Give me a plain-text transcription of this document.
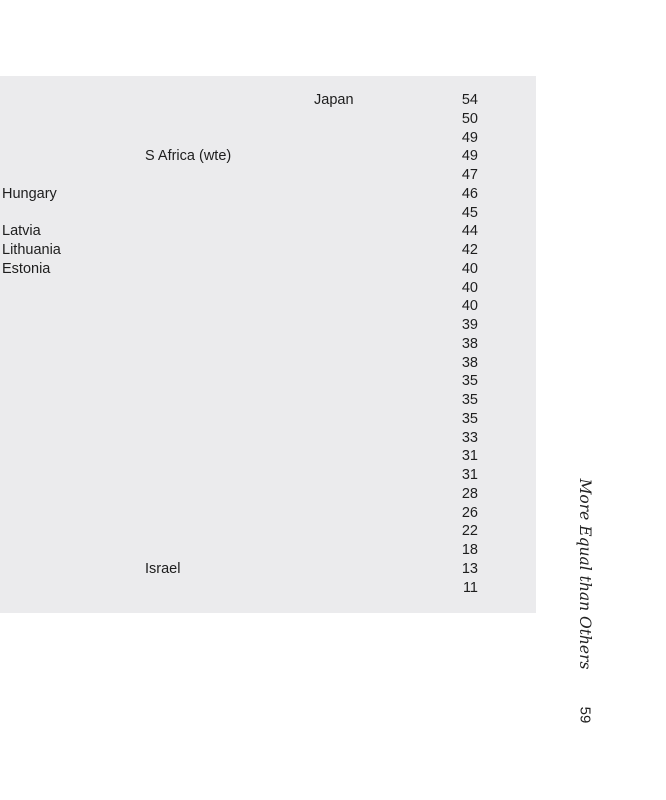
Japan	54
50
49
S Africa (wte)	49
47
Hungary	46
45
Latvia	44
Lithuania	42
Estonia	40
40
40
39
38
38
35
35
35
33
31
31
28
26
22
18
Israel	13
11	More Equal than Others
59
